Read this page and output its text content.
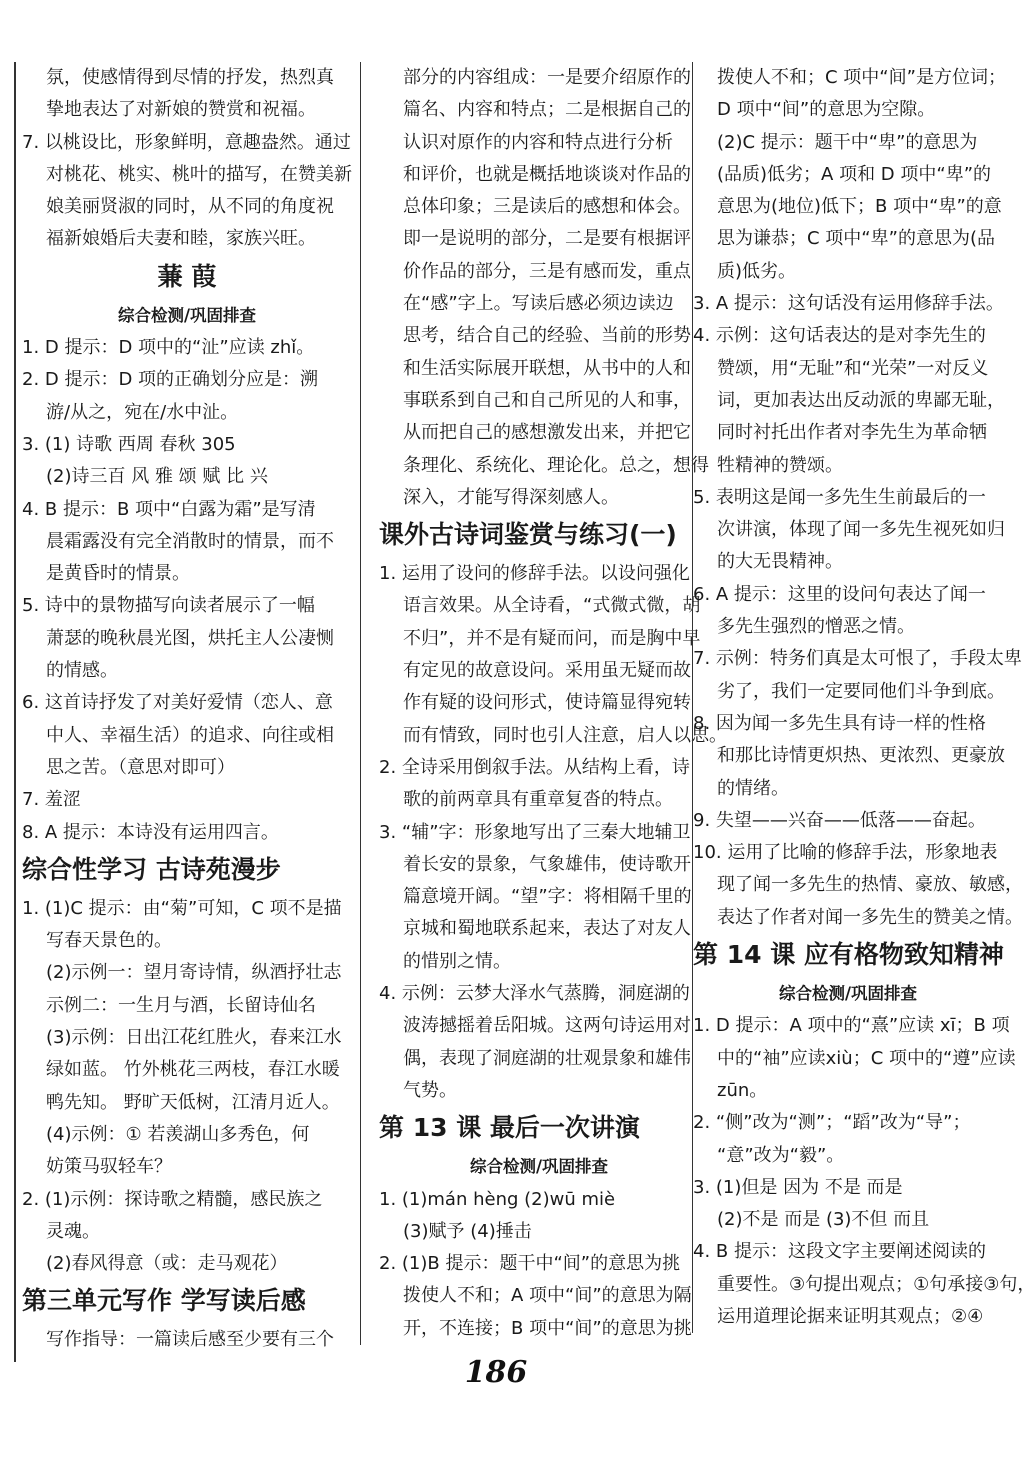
氛，使感情得到尽情的抒发，热烈真

挚地表达了对新娘的赞赏和祝福。

7. 以桃设比，形象鲜明，意趣盎然。通过

对桃花、桃实、桃叶的描写，在赞美新

娘美丽贤淑的同时，从不同的角度祝

福新娘婚后夫妻和睦，家族兴旺。

蒹 葭

综合检测/巩固排查

1. D 提示：D 项中的“沚”应读 zhǐ。

2. D 提示：D 项的正确划分应是：溯

游/从之，宛在/水中沚。

3. (1) 诗歌 西周 春秋 305

(2)诗三百 风 雅 颂 赋 比 兴

4. B 提示：B 项中“白露为霜”是写清

晨霜露没有完全消散时的情景，而不

是黄昏时的情景。

5. 诗中的景物描写向读者展示了一幅

萧瑟的晚秋晨光图，烘托主人公凄恻

的情感。

6. 这首诗抒发了对美好爱情（恋人、意

中人、幸福生活）的追求、向往或相

思之苦。（意思对即可）

7. 羞涩

8. A 提示：本诗没有运用四言。

综合性学习 古诗苑漫步

1. (1)C 提示：由“菊”可知，C 项不是描

写春天景色的。

(2)示例一：望月寄诗情，纵酒抒壮志

示例二：一生月与酒，长留诗仙名

(3)示例：日出江花红胜火，春来江水

绿如蓝。 竹外桃花三两枝，春江水暖

鸭先知。 野旷天低树，江清月近人。

(4)示例：① 若羡湖山多秀色，何

妨策马驭轻车？

2. (1)示例：探诗歌之精髓，感民族之

灵魂。

(2)春风得意（或：走马观花）

第三单元写作 学写读后感

写作指导：一篇读后感至少要有三个

部分的内容组成：一是要介绍原作的

篇名、内容和特点；二是根据自己的

认识对原作的内容和特点进行分析

和评价，也就是概括地谈谈对作品的

总体印象；三是读后的感想和体会。

即一是说明的部分，二是要有根据评

价作品的部分，三是有感而发，重点

在“感”字上。写读后感必须边读边

思考，结合自己的经验、当前的形势

和生活实际展开联想，从书中的人和

事联系到自己和自己所见的人和事，

从而把自己的感想激发出来，并把它

条理化、系统化、理论化。总之，想得

深入，才能写得深刻感人。

课外古诗词鉴赏与练习(一)

1. 运用了设问的修辞手法。以设问强化

语言效果。从全诗看，“式微式微，胡

不归”，并不是有疑而问，而是胸中早

有定见的故意设问。采用虽无疑而故

作有疑的设问形式，使诗篇显得宛转

而有情致，同时也引人注意，启人以思。

2. 全诗采用倒叙手法。从结构上看，诗

歌的前两章具有重章复沓的特点。

3. “辅”字：形象地写出了三秦大地辅卫

着长安的景象，气象雄伟，使诗歌开

篇意境开阔。“望”字：将相隔千里的

京城和蜀地联系起来，表达了对友人

的惜别之情。

4. 示例：云梦大泽水气蒸腾，洞庭湖的

波涛撼摇着岳阳城。这两句诗运用对

偶，表现了洞庭湖的壮观景象和雄伟

气势。

第 13 课 最后一次讲演

综合检测/巩固排查

1. (1)mán hèng (2)wū miè

(3)赋予 (4)捶击

2. (1)B 提示：题干中“间”的意思为挑

拨使人不和；A 项中“间”的意思为隔

开，不连接；B 项中“间”的意思为挑

拨使人不和；C 项中“间”是方位词；

D 项中“间”的意思为空隙。

(2)C 提示：题干中“卑”的意思为

(品质)低劣；A 项和 D 项中“卑”的

意思为(地位)低下；B 项中“卑”的意

思为谦恭；C 项中“卑”的意思为(品

质)低劣。

3. A 提示：这句话没有运用修辞手法。

4. 示例：这句话表达的是对李先生的

赞颂，用“无耻”和“光荣”一对反义

词，更加表达出反动派的卑鄙无耻，

同时衬托出作者对李先生为革命牺

牲精神的赞颂。

5. 表明这是闻一多先生生前最后的一

次讲演，体现了闻一多先生视死如归

的大无畏精神。

6. A 提示：这里的设问句表达了闻一

多先生强烈的憎恶之情。

7. 示例：特务们真是太可恨了，手段太卑

劣了，我们一定要同他们斗争到底。

8. 因为闻一多先生具有诗一样的性格

和那比诗情更炽热、更浓烈、更豪放

的情绪。

9. 失望——兴奋——低落——奋起。

10. 运用了比喻的修辞手法，形象地表

现了闻一多先生的热情、豪放、敏感，

表达了作者对闻一多先生的赞美之情。

第 14 课 应有格物致知精神

综合检测/巩固排查

1. D 提示：A 项中的“熹”应读 xī；B 项

中的“袖”应读xiù；C 项中的“遵”应读

zūn。

2. “侧”改为“测”；“蹈”改为“导”；

“意”改为“毅”。

3. (1)但是 因为 不是 而是

(2)不是 而是 (3)不但 而且

4. B 提示：这段文字主要阐述阅读的

重要性。③句提出观点；①句承接③句，

运用道理论据来证明其观点；②④

186
